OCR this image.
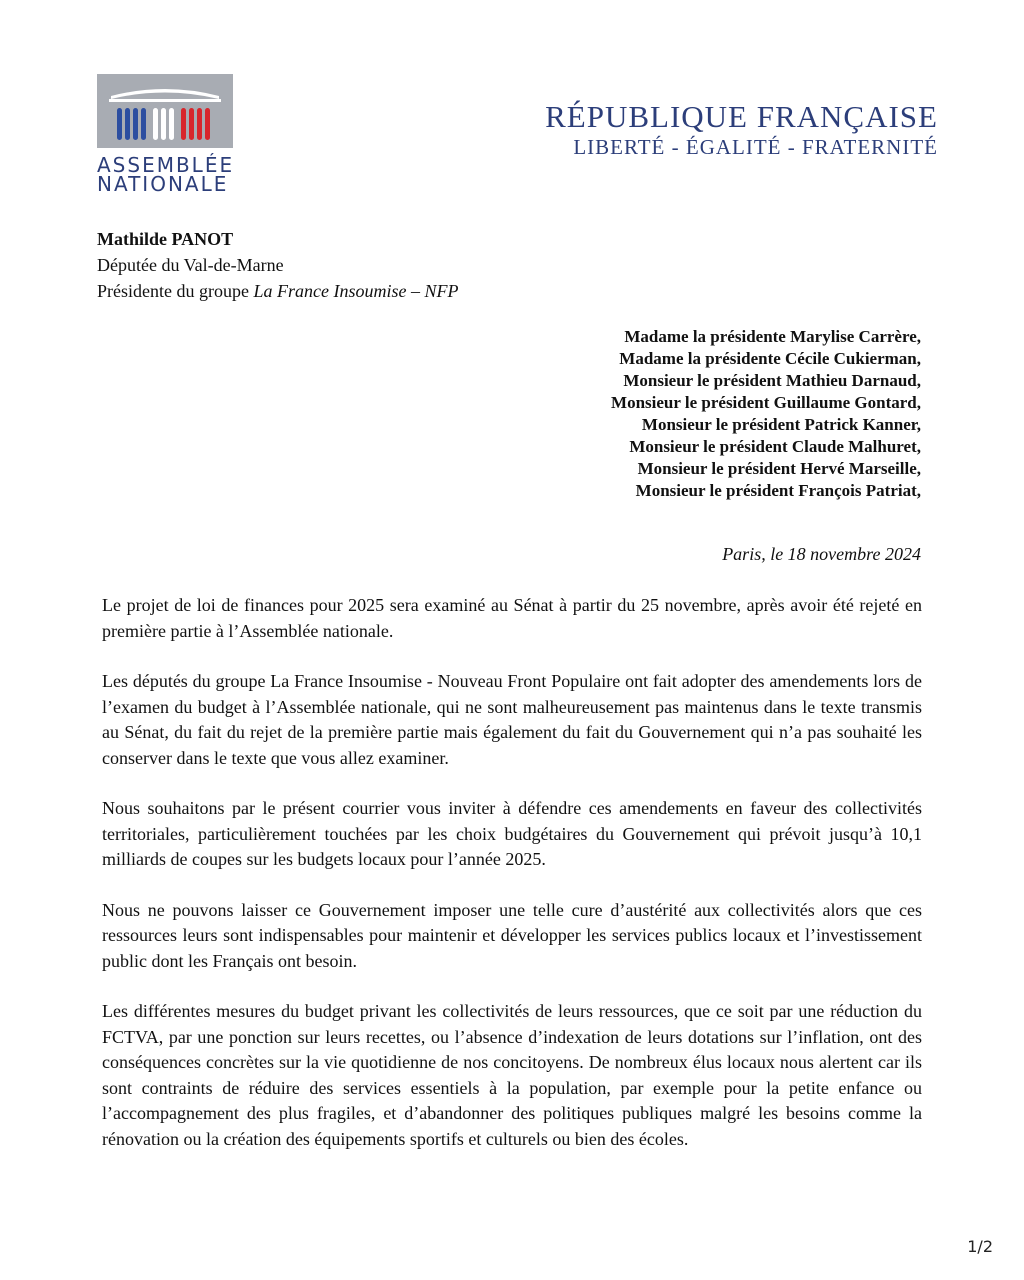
ASSEMBLÉE
NATIONALE
RÉPUBLIQUE FRANÇAISE
LIBERTÉ - ÉGALITÉ - FRATERNITÉ
Mathilde PANOT
Députée du Val-de-Marne
Présidente du groupe La France Insoumise – NFP
Madame la présidente Marylise Carrère,
Madame la présidente Cécile Cukierman,
Monsieur le président Mathieu Darnaud,
Monsieur le président Guillaume Gontard,
Monsieur le président Patrick Kanner,
Monsieur le président Claude Malhuret,
Monsieur le président Hervé Marseille,
Monsieur le président François Patriat,
Paris, le 18 novembre 2024

Le projet de loi de finances pour 2025 sera examiné au Sénat à partir du 25 novembre, après avoir été rejeté en première partie à l’Assemblée nationale.

Les députés du groupe La France Insoumise - Nouveau Front Populaire ont fait adopter des amendements lors de l’examen du budget à l’Assemblée nationale, qui ne sont malheureusement pas maintenus dans le texte transmis au Sénat, du fait du rejet de la première partie mais également du fait du Gouvernement qui n’a pas souhaité les conserver dans le texte que vous allez examiner.

Nous souhaitons par le présent courrier vous inviter à défendre ces amendements en faveur des collectivités territoriales, particulièrement touchées par les choix budgétaires du Gouvernement qui prévoit jusqu’à 10,1 milliards de coupes sur les budgets locaux pour l’année 2025.

Nous ne pouvons laisser ce Gouvernement imposer une telle cure d’austérité aux collectivités alors que ces ressources leurs sont indispensables pour maintenir et développer les services publics locaux et l’investissement public dont les Français ont besoin.

Les différentes mesures du budget privant les collectivités de leurs ressources, que ce soit par une réduction du FCTVA, par une ponction sur leurs recettes, ou l’absence d’indexation de leurs dotations sur l’inflation, ont des conséquences concrètes sur la vie quotidienne de nos concitoyens. De nombreux élus locaux nous alertent car ils sont contraints de réduire des services essentiels à la population, par exemple pour la petite enfance ou l’accompagnement des plus fragiles, et d’abandonner des politiques publiques malgré les besoins comme la rénovation ou la création des équipements sportifs et culturels ou bien des écoles.

1/2
